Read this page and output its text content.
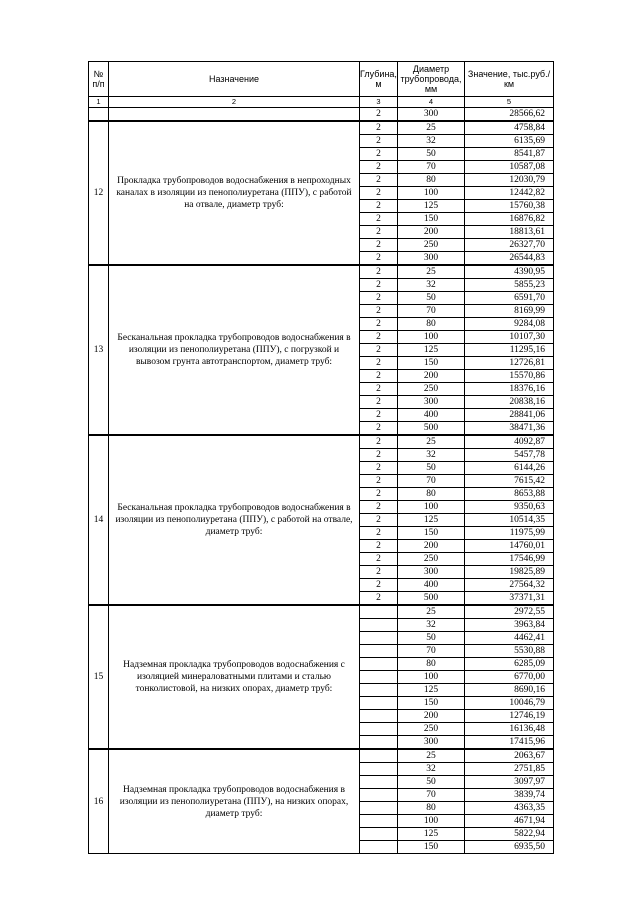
№ п/п	Назначение	Глубина, м	Диаметр трубопровода, мм	Значение, тыс.руб./км
1	2	3	4	5
		2	300	28566,62
12	Прокладка трубопроводов водоснабжения в непроходных каналах в изоляции из пенополиуретана (ППУ), с работой на отвале, диаметр труб:	2	25	4758,84
		2	32	6135,69
		2	50	8541,87
		2	70	10587,08
		2	80	12030,79
		2	100	12442,82
		2	125	15760,38
		2	150	16876,82
		2	200	18813,61
		2	250	26327,70
		2	300	26544,83
13	Бесканальная прокладка трубопроводов водоснабжения в изоляции из пенополиуретана (ППУ), с погрузкой и вывозом грунта автотранспортом, диаметр труб:	2	25	4390,95
		2	32	5855,23
		2	50	6591,70
		2	70	8169,99
		2	80	9284,08
		2	100	10107,30
		2	125	11295,16
		2	150	12726,81
		2	200	15570,86
		2	250	18376,16
		2	300	20838,16
		2	400	28841,06
		2	500	38471,36
14	Бесканальная прокладка трубопроводов водоснабжения в изоляции из пенополиуретана (ППУ), с работой на отвале, диаметр труб:	2	25	4092,87
		2	32	5457,78
		2	50	6144,26
		2	70	7615,42
		2	80	8653,88
		2	100	9350,63
		2	125	10514,35
		2	150	11975,99
		2	200	14760,01
		2	250	17546,99
		2	300	19825,89
		2	400	27564,32
		2	500	37371,31
15	Надземная прокладка трубопроводов водоснабжения с изоляцией минераловатными плитами и сталью тонколистовой, на низких опорах, диаметр труб:		25	2972,55
			32	3963,84
			50	4462,41
			70	5530,88
			80	6285,09
			100	6770,00
			125	8690,16
			150	10046,79
			200	12746,19
			250	16136,48
			300	17415,96
16	Надземная прокладка трубопроводов водоснабжения в изоляции из пенополиуретана (ППУ), на низких опорах, диаметр труб:		25	2063,67
			32	2751,85
			50	3097,97
			70	3839,74
			80	4363,35
			100	4671,94
			125	5822,94
			150	6935,50
